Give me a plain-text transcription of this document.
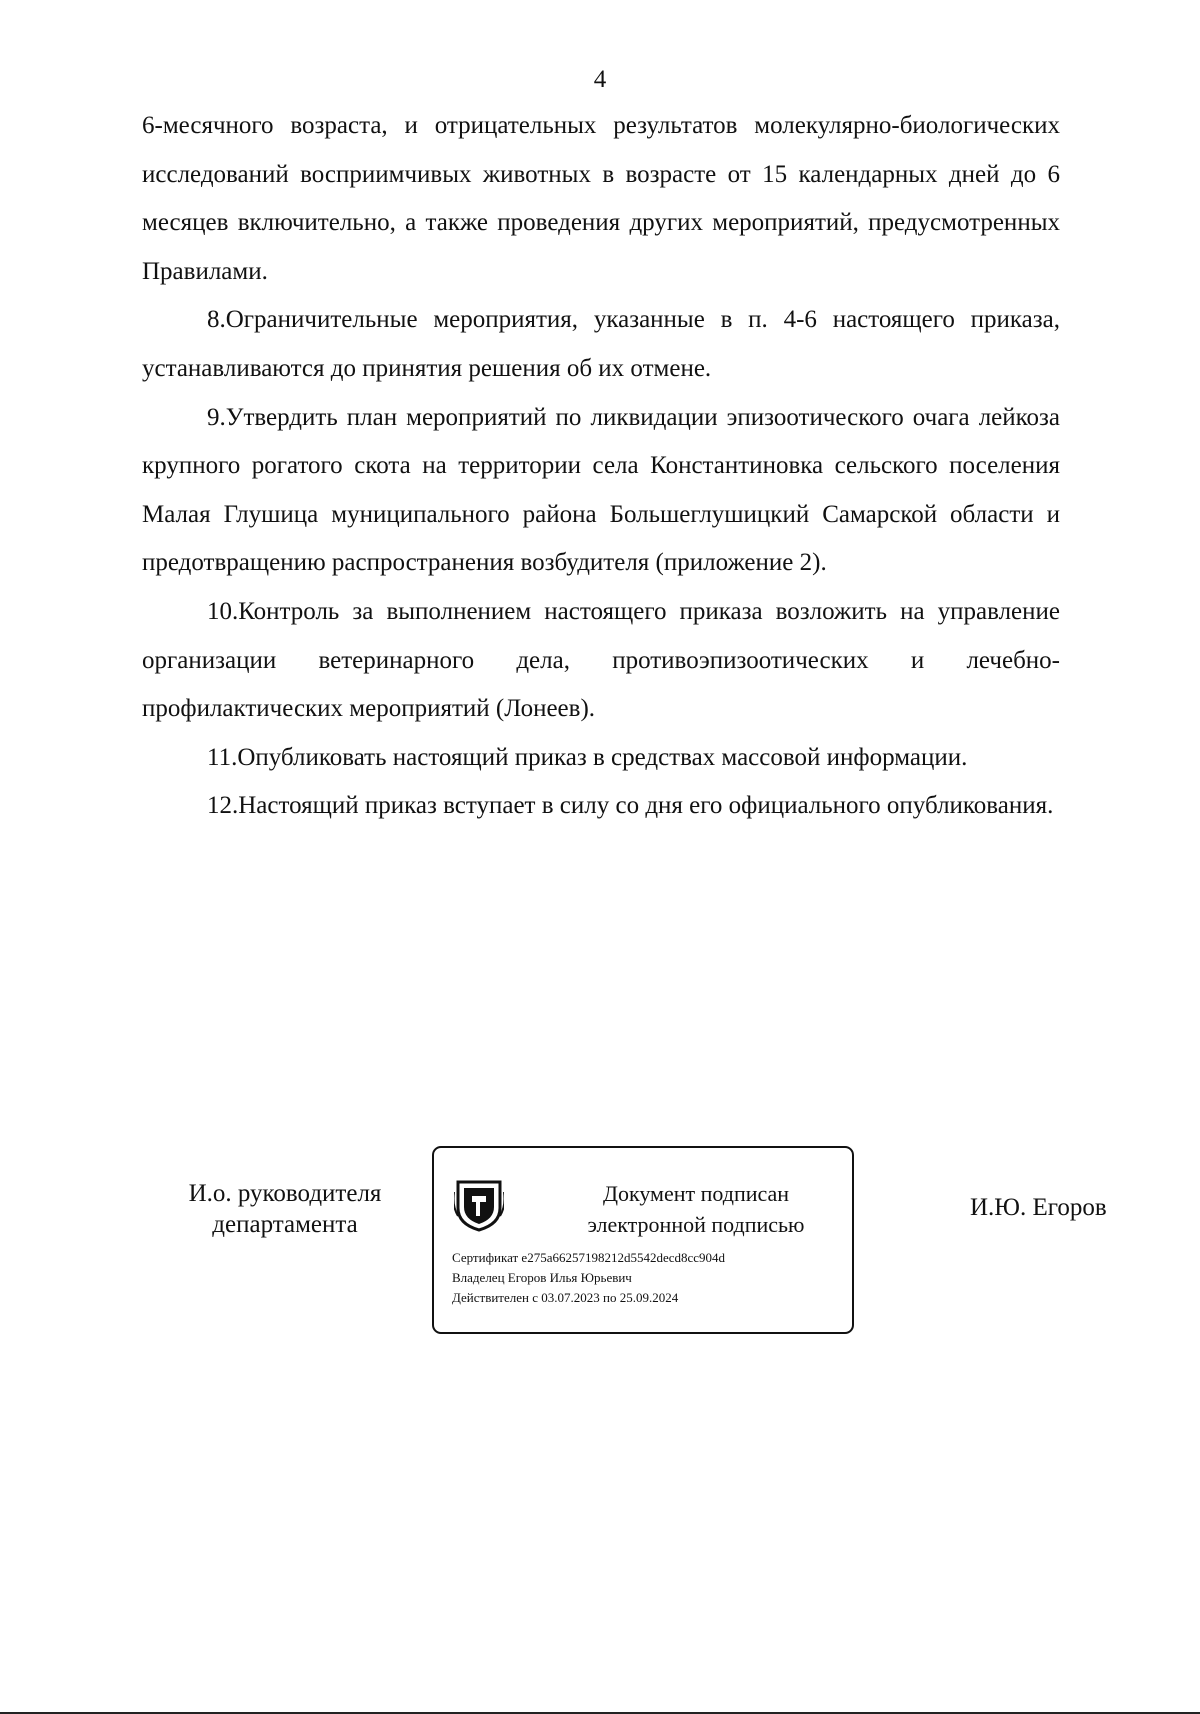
4

6-месячного возраста, и отрицательных результатов молекулярно-биологических исследований восприимчивых животных в возрасте от 15 календарных дней до 6 месяцев включительно, а также проведения других мероприятий, предусмотренных Правилами.

8.Ограничительные мероприятия, указанные в п. 4-6 настоящего приказа, устанавливаются до принятия решения об их отмене.

9.Утвердить план мероприятий по ликвидации эпизоотического очага лейкоза крупного рогатого скота на территории села Константиновка сельского поселения Малая Глушица муниципального района Большеглушицкий Самарской области и предотвращению распространения возбудителя (приложение 2).

10.Контроль за выполнением настоящего приказа возложить на управление организации ветеринарного дела, противоэпизоотических и лечебно-профилактических мероприятий (Лонеев).

11.Опубликовать настоящий приказ в средствах массовой информации.

12.Настоящий приказ вступает в силу со дня его официального опубликования.

И.о. руководителя
департамента
Документ подписан
электронной подписью
Сертификат e275a66257198212d5542decd8cc904d
Владелец Егоров Илья Юрьевич
Действителен с 03.07.2023 по 25.09.2024
И.Ю. Егоров
